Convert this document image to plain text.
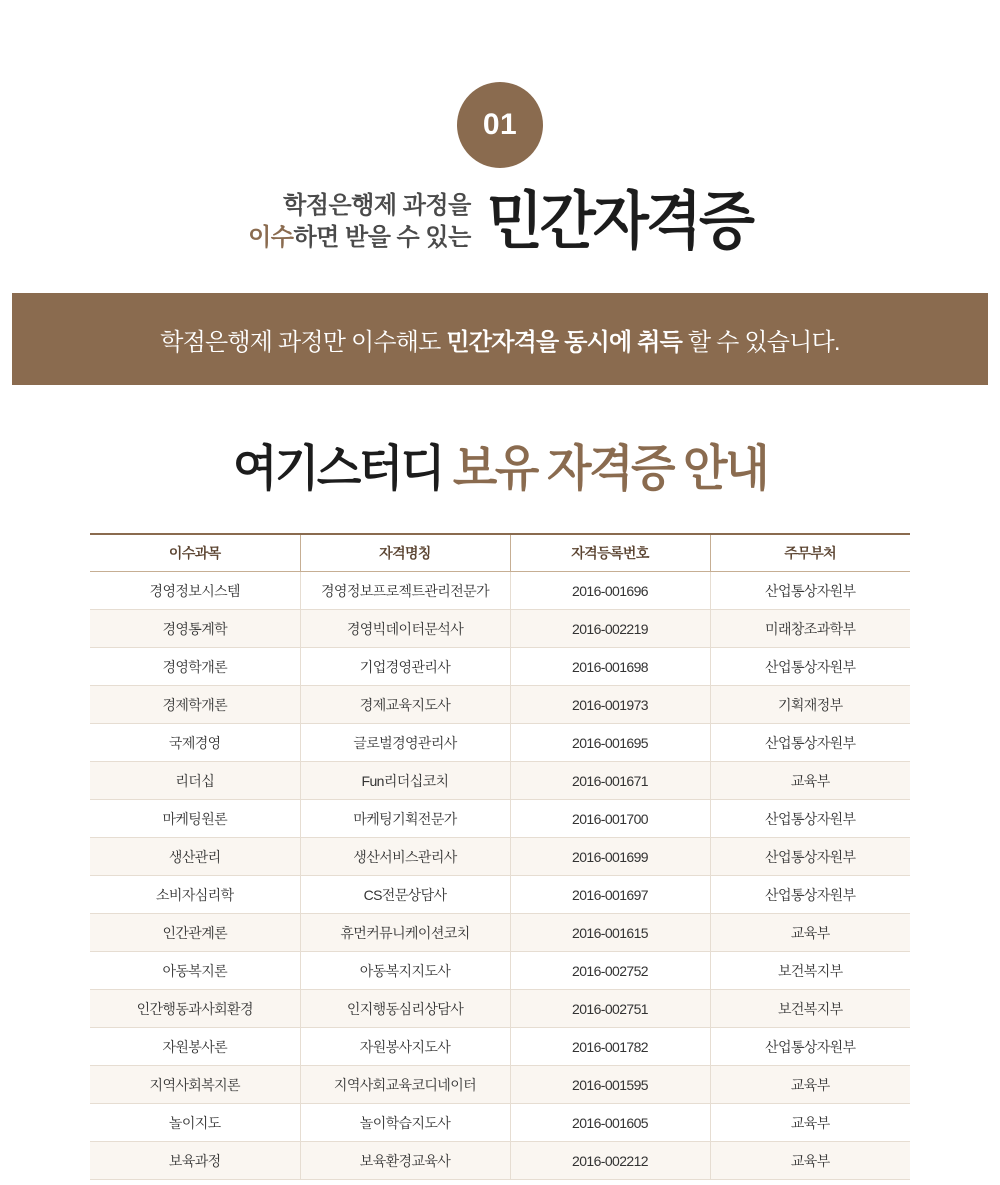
01
학점은행제 과정을
이수하면 받을 수 있는 민간자격증
학점은행제 과정만 이수해도 민간자격을 동시에 취득 할 수 있습니다.
여기스터디 보유 자격증 안내
이수과목	자격명칭	자격등록번호	주무부처
경영정보시스템	경영정보프로젝트관리전문가	2016-001696	산업통상자원부
경영통계학	경영빅데이터문석사	2016-002219	미래창조과학부
경영학개론	기업경영관리사	2016-001698	산업통상자원부
경제학개론	경제교육지도사	2016-001973	기획재정부
국제경영	글로벌경영관리사	2016-001695	산업통상자원부
리더십	Fun리더십코치	2016-001671	교육부
마케팅원론	마케팅기획전문가	2016-001700	산업통상자원부
생산관리	생산서비스관리사	2016-001699	산업통상자원부
소비자심리학	CS전문상담사	2016-001697	산업통상자원부
인간관계론	휴먼커뮤니케이션코치	2016-001615	교육부
아동복지론	아동복지지도사	2016-002752	보건복지부
인간행동과사회환경	인지행동심리상담사	2016-002751	보건복지부
자원봉사론	자원봉사지도사	2016-001782	산업통상자원부
지역사회복지론	지역사회교육코디네이터	2016-001595	교육부
놀이지도	놀이학습지도사	2016-001605	교육부
보육과정	보육환경교육사	2016-002212	교육부
